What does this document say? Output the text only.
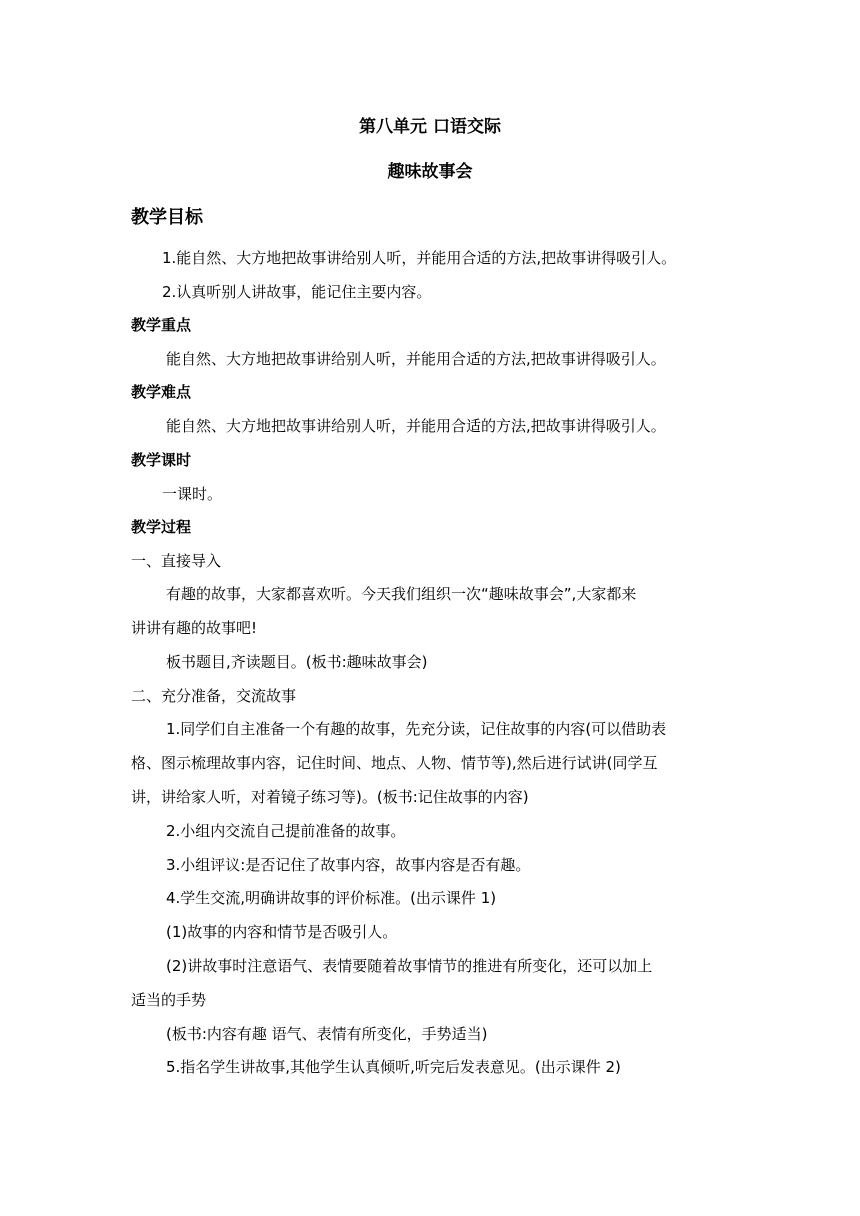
第八单元 口语交际
趣味故事会
教学目标
1.能自然、大方地把故事讲给别人听，并能用合适的方法,把故事讲得吸引人。
2.认真听别人讲故事，能记住主要内容。
教学重点
能自然、大方地把故事讲给别人听，并能用合适的方法,把故事讲得吸引人。
教学难点
能自然、大方地把故事讲给别人听，并能用合适的方法,把故事讲得吸引人。
教学课时
一课时。
教学过程
一、直接导入
有趣的故事，大家都喜欢听。今天我们组织一次“趣味故事会”,大家都来
讲讲有趣的故事吧!
板书题目,齐读题目。(板书:趣味故事会)
二、充分准备，交流故事
1.同学们自主准备一个有趣的故事，先充分读，记住故事的内容(可以借助表
格、图示梳理故事内容，记住时间、地点、人物、情节等),然后进行试讲(同学互
讲，讲给家人听，对着镜子练习等)。(板书:记住故事的内容)
2.小组内交流自己提前准备的故事。
3.小组评议:是否记住了故事内容，故事内容是否有趣。
4.学生交流,明确讲故事的评价标准。(出示课件 1)
(1)故事的内容和情节是否吸引人。
(2)讲故事时注意语气、表情要随着故事情节的推进有所变化，还可以加上
适当的手势
(板书:内容有趣 语气、表情有所变化，手势适当)
5.指名学生讲故事,其他学生认真倾听,听完后发表意见。(出示课件 2)
